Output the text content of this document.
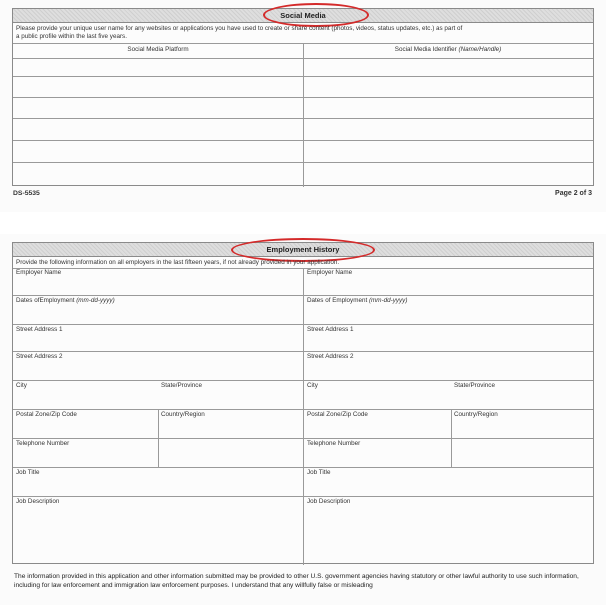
Social Media
Please provide your unique user name for any websites or applications you have used to create or share content (photos, videos, status updates, etc.) as part of
a public profile within the last five years.
Social Media Platform	Social Media Identifier (Name/Handle)
DS-5535	Page 2 of 3
Employment History
Provide the following information on all employers in the last fifteen years, if not already provided in your application.
Employer Name
Dates ofEmployment (mm-dd-yyyy)
Street Address 1
Street Address 2
City	State/Province
Postal Zone/Zip Code	Country/Region
Telephone Number
Job Title
Job Description
Employer Name
Dates of Employment (mm-dd-yyyy)
Street Address 1
Street Address 2
City	State/Province
Postal Zone/Zip Code	Country/Region
Telephone Number
Job Title
Job Description
The information provided in this application and other information submitted may be provided to other U.S. government agencies having statutory or other lawful authority to use such information, including for law enforcement and immigration law enforcement purposes. I understand that any willfully false or misleading
